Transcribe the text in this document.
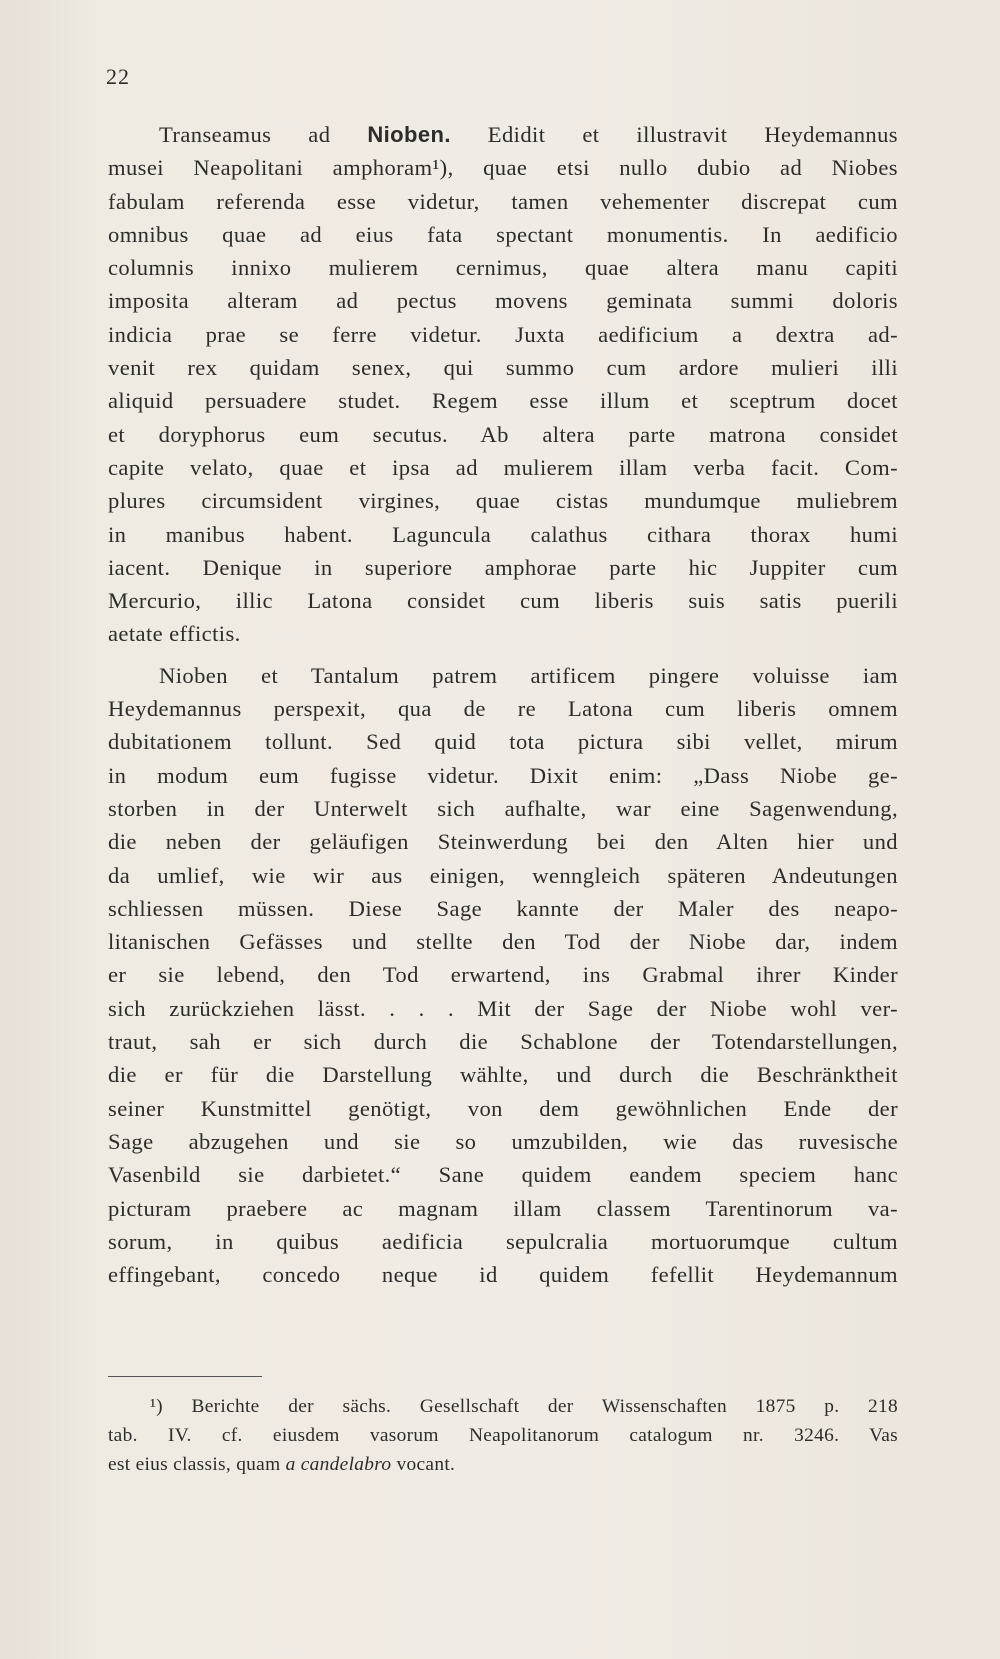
22
Transeamus ad Nioben. Edidit et illustravit Heydemannus
musei Neapolitani amphoram¹), quae etsi nullo dubio ad Niobes
fabulam referenda esse videtur, tamen vehementer discrepat cum
omnibus quae ad eius fata spectant monumentis. In aedificio
columnis innixo mulierem cernimus, quae altera manu capiti
imposita alteram ad pectus movens geminata summi doloris
indicia prae se ferre videtur. Juxta aedificium a dextra ad-
venit rex quidam senex, qui summo cum ardore mulieri illi
aliquid persuadere studet. Regem esse illum et sceptrum docet
et doryphorus eum secutus. Ab altera parte matrona considet
capite velato, quae et ipsa ad mulierem illam verba facit. Com-
plures circumsident virgines, quae cistas mundumque muliebrem
in manibus habent. Laguncula calathus cithara thorax humi
iacent. Denique in superiore amphorae parte hic Juppiter cum
Mercurio, illic Latona considet cum liberis suis satis puerili
aetate effictis.
Nioben et Tantalum patrem artificem pingere voluisse iam
Heydemannus perspexit, qua de re Latona cum liberis omnem
dubitationem tollunt. Sed quid tota pictura sibi vellet, mirum
in modum eum fugisse videtur. Dixit enim: „Dass Niobe ge-
storben in der Unterwelt sich aufhalte, war eine Sagenwendung,
die neben der geläufigen Steinwerdung bei den Alten hier und
da umlief, wie wir aus einigen, wenngleich späteren Andeutungen
schliessen müssen. Diese Sage kannte der Maler des neapo-
litanischen Gefässes und stellte den Tod der Niobe dar, indem
er sie lebend, den Tod erwartend, ins Grabmal ihrer Kinder
sich zurückziehen lässt. . . . Mit der Sage der Niobe wohl ver-
traut, sah er sich durch die Schablone der Totendarstellungen,
die er für die Darstellung wählte, und durch die Beschränktheit
seiner Kunstmittel genötigt, von dem gewöhnlichen Ende der
Sage abzugehen und sie so umzubilden, wie das ruvesische
Vasenbild sie darbietet.“ Sane quidem eandem speciem hanc
picturam praebere ac magnam illam classem Tarentinorum va-
sorum, in quibus aedificia sepulcralia mortuorumque cultum
effingebant, concedo neque id quidem fefellit Heydemannum
¹) Berichte der sächs. Gesellschaft der Wissenschaften 1875 p. 218
tab. IV. cf. eiusdem vasorum Neapolitanorum catalogum nr. 3246. Vas
est eius classis, quam a candelabro vocant.
